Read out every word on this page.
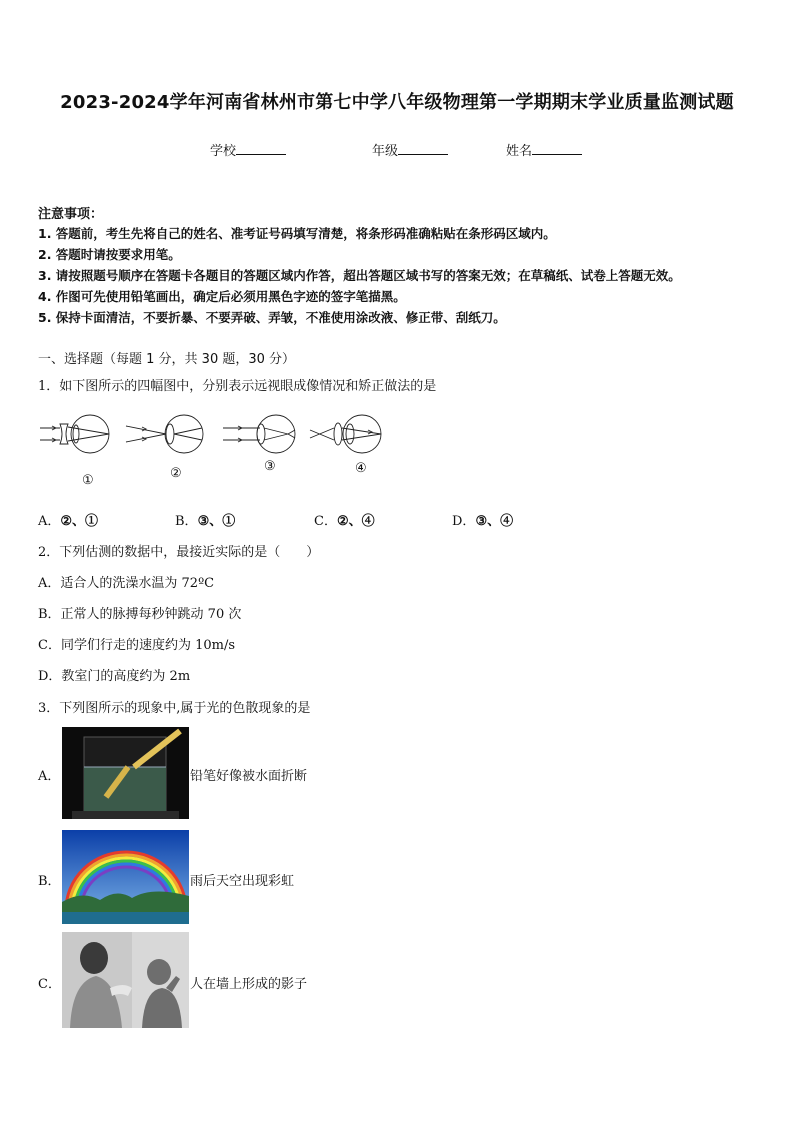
2023-2024学年河南省林州市第七中学八年级物理第一学期期末学业质量监测试题
学校	年级	姓名
注意事项：
1. 答题前，考生先将自己的姓名、准考证号码填写清楚，将条形码准确粘贴在条形码区域内。
2. 答题时请按要求用笔。
3. 请按照题号顺序在答题卡各题目的答题区域内作答，超出答题区域书写的答案无效；在草稿纸、试卷上答题无效。
4. 作图可先使用铅笔画出，确定后必须用黑色字迹的签字笔描黑。
5. 保持卡面清洁，不要折暴、不要弄破、弄皱，不准使用涂改液、修正带、刮纸刀。
一、选择题（每题 1 分，共 30 题，30 分）
1．如下图所示的四幅图中，分别表示远视眼成像情况和矫正做法的是
①	②	③	④
A．②、①	B．③、①	C．②、④	D．③、④
2．下列估测的数据中，最接近实际的是（　　）
A．适合人的洗澡水温为 72ºC
B．正常人的脉搏每秒钟跳动 70 次
C．同学们行走的速度约为 10m/s
D．教室门的高度约为 2m
3．下列图所示的现象中,属于光的色散现象的是
A．	铅笔好像被水面折断
B．	雨后天空出现彩虹
C．	人在墙上形成的影子
